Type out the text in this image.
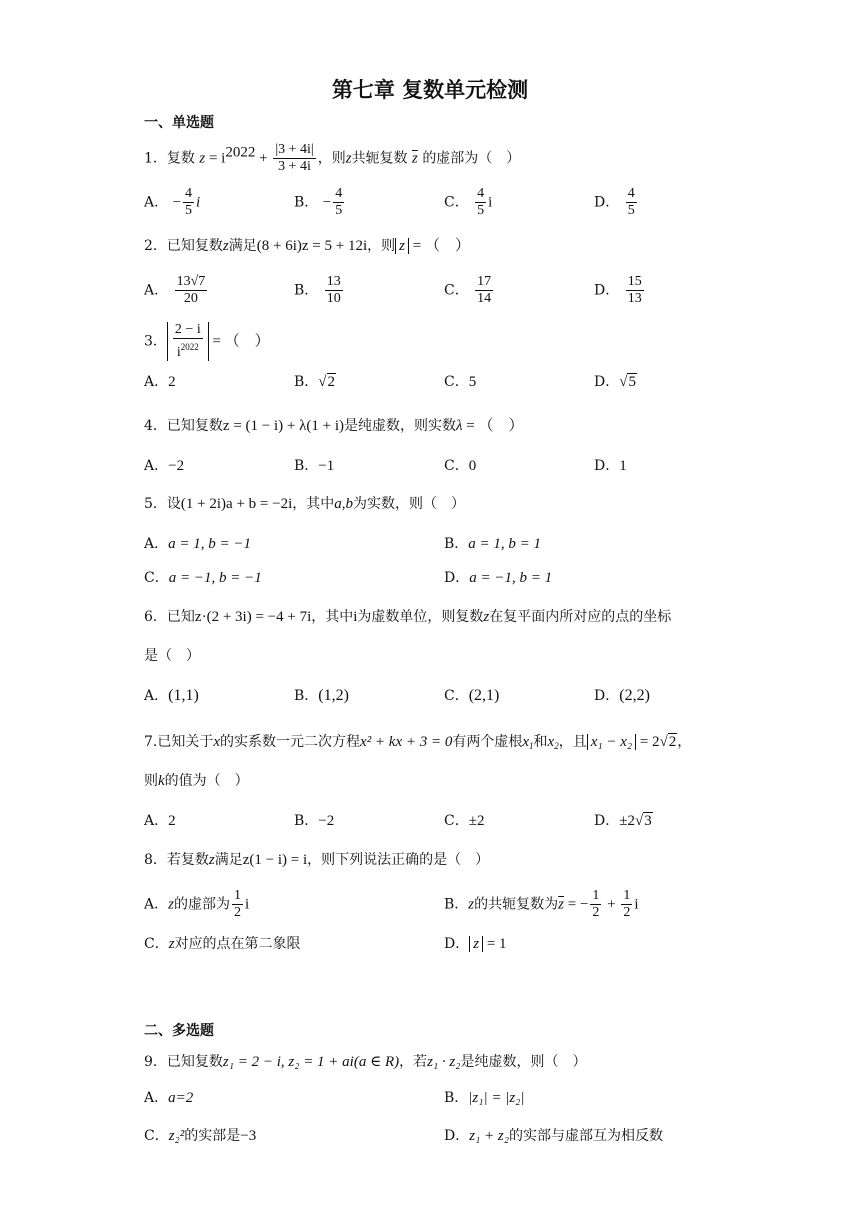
第七章 复数单元检测
一、单选题
1．复数 $z = i^{2022} + \frac{|3 + 4i|}{3 + 4i}$ ，则z共轭复数 $\overline{z}$ 的虚部为（　）
A． − $\frac{4}{5}$ i	B． − $\frac{4}{5}$	C． $\frac{4}{5}$ i	D． $\frac{4}{5}$
2．已知复数z满足(8 + 6i)z = 5 + 12i，则 z = （　）
A． $\frac{13√7}{20}$	B． $\frac{13}{10}$	C． $\frac{17}{14}$	D． $\frac{15}{13}$
3． $\frac{2 - i}{i^{2022}}$ = （　）
A．2	B．√2	C．5	D．√5
4．已知复数z = (1 − i) + λ(1 + i)是纯虚数，则实数λ = （　）
A．−2	B．−1	C．0	D．1
5．设(1 + 2i)a + b = −2i，其中a,b为实数，则（　）
A．a = 1, b = −1	B．a = 1, b = 1
C．a = −1, b = −1	D．a = −1, b = 1
6．已知z·(2 + 3i) = −4 + 7i，其中i为虚数单位，则复数z在复平面内所对应的点的坐标
是（　）
A．(1,1)	B．(1,2)	C．(2,1)	D．(2,2)
7.已知关于x的实系数一元二次方程x² + kx + 3 = 0有两个虚根$x_1$和$x_2$，且 x₁ − x₂ = 2√2，
则k的值为（　）
A．2	B．−2	C．±2	D．±2√3
8．若复数z满足z(1 − i) = i，则下列说法正确的是（　）
A．z的虚部为 $\frac{1}{2}$ i	B．z的共轭复数为$\overline{z}$ = − $\frac{1}{2} + \frac{1}{2}$ i
C．z对应的点在第二象限	D． z = 1
二、多选题
9．已知复数z₁ = 2 − i, z₂ = 1 + ai(a ∈ R)，若z₁ · z₂是纯虚数，则（　）
A．a=2	B．|z₁| = |z₂|
C．z₂²的实部是−3	D．z₁ + z₂的实部与虚部互为相反数
